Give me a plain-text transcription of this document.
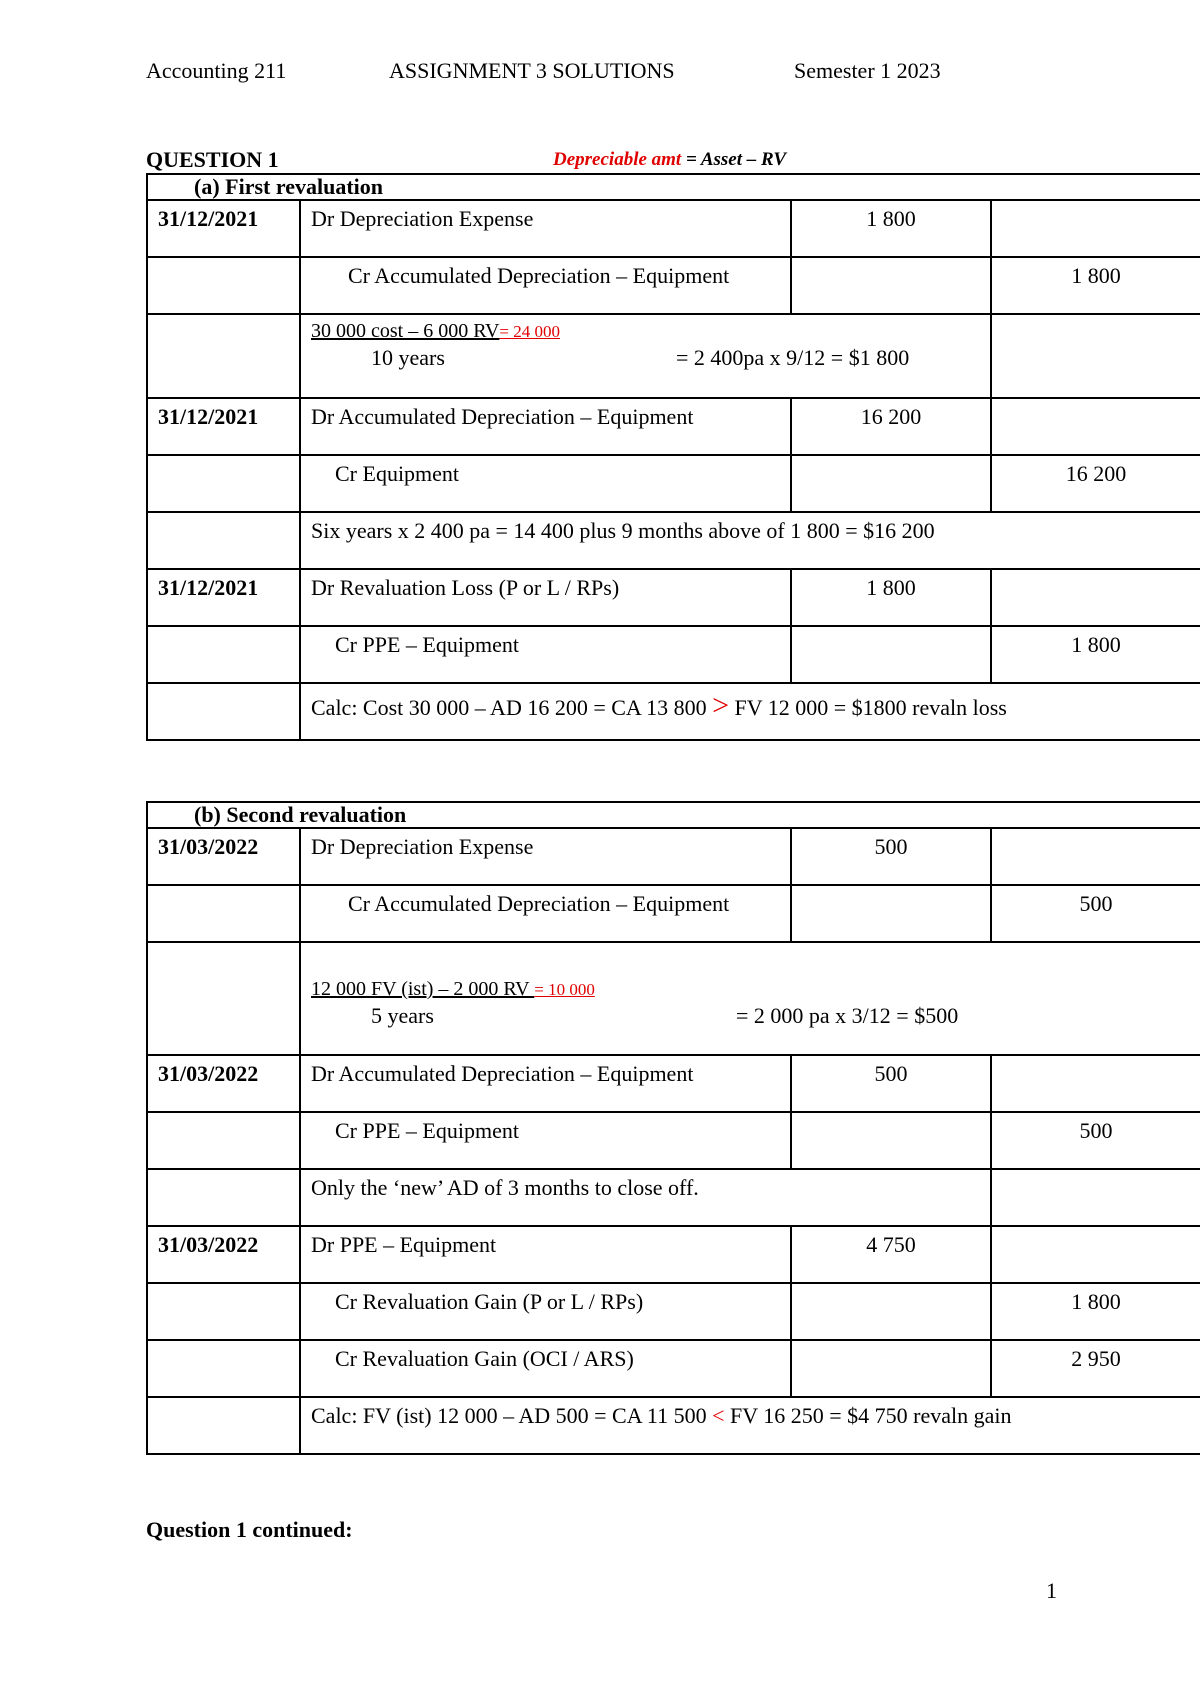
Accounting 211	ASSIGNMENT 3 SOLUTIONS	Semester 1 2023
QUESTION 1	Depreciable amt = Asset – RV
(a) First revaluation			
31/12/2021	Dr Depreciation Expense	1 800	
	Cr Accumulated Depreciation – Equipment		1 800

	30 000 cost – 6 000 RV= 24 000
10 years = 2 400pa x 9/12 = $1 800		

31/12/2021	Dr Accumulated Depreciation – Equipment	16 200	
	Cr Equipment		16 200
	Six years x 2 400 pa = 14 400 plus 9 months above of 1 800 = $16 200		
31/12/2021	Dr Revaluation Loss (P or L / RPs)	1 800	
	Cr PPE – Equipment		1 800
	Calc: Cost 30 000 – AD 16 200 = CA 13 800 > FV 12 000 = $1800 revaln loss		
(b) Second revaluation			
31/03/2022	Dr Depreciation Expense	500	
	Cr Accumulated Depreciation – Equipment		500

	12 000 FV (ist) – 2 000 RV = 10 000
5 years = 2 000 pa x 3/12 = $500		

31/03/2022	Dr Accumulated Depreciation – Equipment	500	
	Cr PPE – Equipment		500
	Only the ‘new’ AD of 3 months to close off.		
31/03/2022	Dr PPE – Equipment	4 750	
	Cr Revaluation Gain (P or L / RPs)		1 800
	Cr Revaluation Gain (OCI / ARS)		2 950
	Calc: FV (ist) 12 000 – AD 500 = CA 11 500 < FV 16 250 = $4 750 revaln gain		
Question 1 continued:
1
